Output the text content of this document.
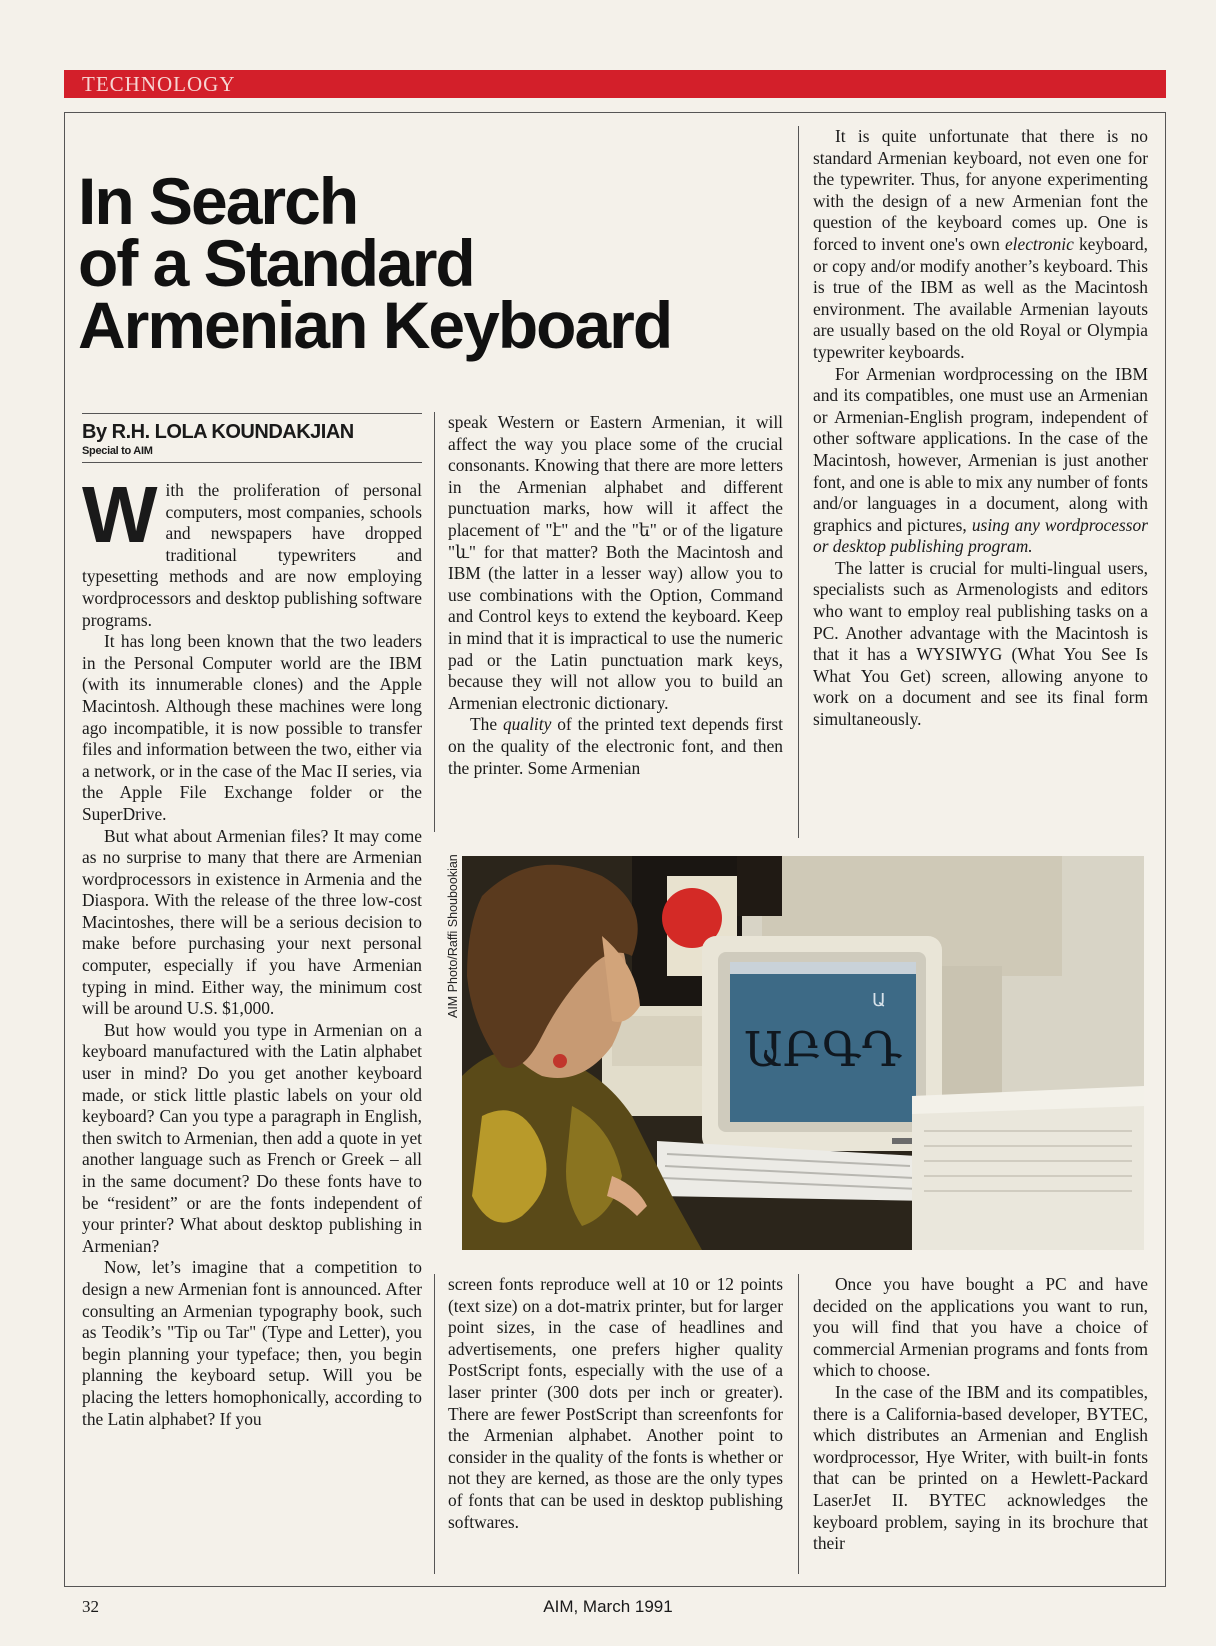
TECHNOLOGY
In Search
of a Standard
Armenian Keyboard
By R.H. LOLA KOUNDAKJIAN
Special to AIM

With the proliferation of personal computers, most companies, schools and newspapers have dropped traditional typewriters and typesetting methods and are now employing wordprocessors and desktop publishing software programs.

It has long been known that the two leaders in the Personal Computer world are the IBM (with its innumerable clones) and the Apple Macintosh. Although these machines were long ago incompatible, it is now possible to transfer files and information between the two, either via a network, or in the case of the Mac II series, via the Apple File Exchange folder or the SuperDrive.

But what about Armenian files? It may come as no surprise to many that there are Armenian wordprocessors in existence in Armenia and the Diaspora. With the release of the three low-cost Macintoshes, there will be a serious decision to make before purchasing your next personal computer, especially if you have Armenian typing in mind. Either way, the minimum cost will be around U.S. $1,000.

But how would you type in Armenian on a keyboard manufactured with the Latin alphabet user in mind? Do you get another keyboard made, or stick little plastic labels on your old keyboard? Can you type a paragraph in English, then switch to Armenian, then add a quote in yet another language such as French or Greek – all in the same document? Do these fonts have to be “resident” or are the fonts independent of your printer? What about desktop publishing in Armenian?

Now, let’s imagine that a competition to design a new Armenian font is announced. After consulting an Armenian typography book, such as Teodik’s "Tip ou Tar" (Type and Letter), you begin planning your typeface; then, you begin planning the keyboard setup. Will you be placing the letters homophonically, according to the Latin alphabet? If you

speak Western or Eastern Armenian, it will affect the way you place some of the crucial consonants. Knowing that there are more letters in the Armenian alphabet and different punctuation marks, how will it affect the placement of "է" and the "ե" or of the ligature "և" for that matter? Both the Macintosh and IBM (the latter in a lesser way) allow you to use combinations with the Option, Command and Control keys to extend the keyboard. Keep in mind that it is impractical to use the numeric pad or the Latin punctuation mark keys, because they will not allow you to build an Armenian electronic dictionary.

The quality of the printed text depends first on the quality of the electronic font, and then the printer. Some Armenian

It is quite unfortunate that there is no standard Armenian keyboard, not even one for the typewriter. Thus, for anyone experimenting with the design of a new Armenian font the question of the keyboard comes up. One is forced to invent one's own electronic keyboard, or copy and/or modify another’s keyboard. This is true of the IBM as well as the Macintosh environment. The available Armenian layouts are usually based on the old Royal or Olympia typewriter keyboards.

For Armenian wordprocessing on the IBM and its compatibles, one must use an Armenian or Armenian-English program, independent of other software applications. In the case of the Macintosh, however, Armenian is just another font, and one is able to mix any number of fonts and/or languages in a document, along with graphics and pictures, using any wordprocessor or desktop publishing program.

The latter is crucial for multi-lingual users, specialists such as Armenologists and editors who want to employ real publishing tasks on a PC. Another advantage with the Macintosh is that it has a WYSIWYG (What You See Is What You Get) screen, allowing anyone to work on a document and see its final form simultaneously.

AIM Photo/Raffi Shoubookian	Ա
ԱԲԳԴ

screen fonts reproduce well at 10 or 12 points (text size) on a dot-matrix printer, but for larger point sizes, in the case of headlines and advertisements, one prefers higher quality PostScript fonts, especially with the use of a laser printer (300 dots per inch or greater). There are fewer PostScript than screenfonts for the Armenian alphabet. Another point to consider in the quality of the fonts is whether or not they are kerned, as those are the only types of fonts that can be used in desktop publishing softwares.

Once you have bought a PC and have decided on the applications you want to run, you will find that you have a choice of commercial Armenian programs and fonts from which to choose.

In the case of the IBM and its compatibles, there is a California-based developer, BYTEC, which distributes an Armenian and English wordprocessor, Hye Writer, with built-in fonts that can be printed on a Hewlett-Packard LaserJet II. BYTEC acknowledges the keyboard problem, saying in its brochure that their

32	AIM, March 1991
